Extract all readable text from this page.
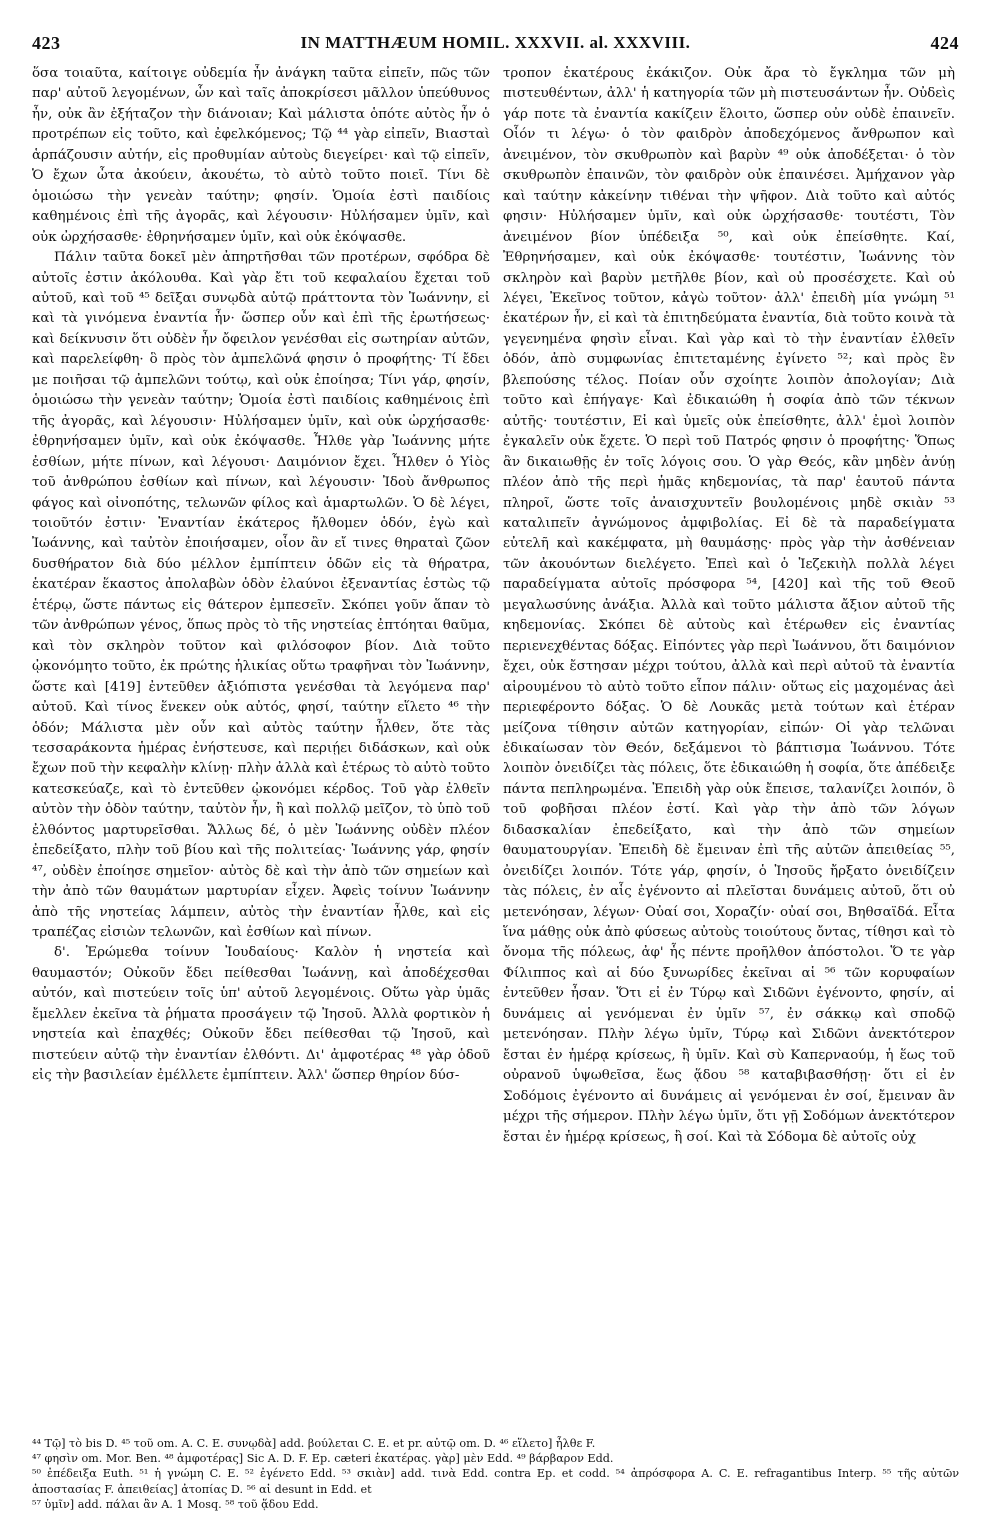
423	IN MATTHÆUM HOMIL. XXXVII. al. XXXVIII.	424

ὅσα τοιαῦτα, καίτοιγε οὐδεμία ἦν ἀνάγκη ταῦτα εἰπεῖν, πῶς τῶν παρ' αὐτοῦ λεγομένων, ὧν καὶ ταῖς ἀποκρίσεσι μᾶλλον ὑπεύθυνος ἦν, οὐκ ἂν ἐξήταζον τὴν διάνοιαν; Καὶ μάλιστα ὁπότε αὐτὸς ἦν ὁ προτρέπων εἰς τοῦτο, καὶ ἐφελκόμενος; Τῷ ⁴⁴ γὰρ εἰπεῖν, Βιασταὶ ἁρπάζουσιν αὐτήν, εἰς προθυμίαν αὐτοὺς διεγείρει· καὶ τῷ εἰπεῖν, Ὁ ἔχων ὦτα ἀκούειν, ἀκουέτω, τὸ αὐτὸ τοῦτο ποιεῖ. Τίνι δὲ ὁμοιώσω τὴν γενεὰν ταύτην; φησίν. Ὁμοία ἐστὶ παιδίοις καθημένοις ἐπὶ τῆς ἀγορᾶς, καὶ λέγουσιν· Ηὐλήσαμεν ὑμῖν, καὶ οὐκ ὠρχήσασθε· ἐθρηνήσαμεν ὑμῖν, καὶ οὐκ ἐκόψασθε.

Πάλιν ταῦτα δοκεῖ μὲν ἀπηρτῆσθαι τῶν προτέρων, σφόδρα δὲ αὐτοῖς ἐστιν ἀκόλουθα. Καὶ γὰρ ἔτι τοῦ κεφαλαίου ἔχεται τοῦ αὐτοῦ, καὶ τοῦ ⁴⁵ δεῖξαι συνῳδὰ αὐτῷ πράττοντα τὸν Ἰωάννην, εἰ καὶ τὰ γινόμενα ἐναντία ἦν· ὥσπερ οὖν καὶ ἐπὶ τῆς ἐρωτήσεως· καὶ δείκνυσιν ὅτι οὐδὲν ἦν ὄφειλον γενέσθαι εἰς σωτηρίαν αὐτῶν, καὶ παρελείφθη· ὃ πρὸς τὸν ἀμπελῶνά φησιν ὁ προφήτης· Τί ἔδει με ποιῆσαι τῷ ἀμπελῶνι τούτῳ, καὶ οὐκ ἐποίησα; Τίνι γάρ, φησίν, ὁμοιώσω τὴν γενεὰν ταύτην; Ὁμοία ἐστὶ παιδίοις καθημένοις ἐπὶ τῆς ἀγορᾶς, καὶ λέγουσιν· Ηὐλήσαμεν ὑμῖν, καὶ οὐκ ὠρχήσασθε· ἐθρηνήσαμεν ὑμῖν, καὶ οὐκ ἐκόψασθε. Ἦλθε γὰρ Ἰωάννης μήτε ἐσθίων, μήτε πίνων, καὶ λέγουσι· Δαιμόνιον ἔχει. Ἦλθεν ὁ Υἱὸς τοῦ ἀνθρώπου ἐσθίων καὶ πίνων, καὶ λέγουσιν· Ἰδοὺ ἄνθρωπος φάγος καὶ οἰνοπότης, τελωνῶν φίλος καὶ ἁμαρτωλῶν. Ὁ δὲ λέγει, τοιοῦτόν ἐστιν· Ἐναντίαν ἑκάτερος ἤλθομεν ὁδόν, ἐγὼ καὶ Ἰωάννης, καὶ ταὐτὸν ἐποιήσαμεν, οἷον ἂν εἴ τινες θηραταὶ ζῶον δυσθήρατον διὰ δύο μέλλον ἐμπίπτειν ὁδῶν εἰς τὰ θήρατρα, ἑκατέραν ἕκαστος ἀπολαβὼν ὁδὸν ἐλαύνοι ἐξεναντίας ἑστὼς τῷ ἑτέρῳ, ὥστε πάντως εἰς θάτερον ἐμπεσεῖν. Σκόπει γοῦν ἅπαν τὸ τῶν ἀνθρώπων γένος, ὅπως πρὸς τὸ τῆς νηστείας ἐπτόηται θαῦμα, καὶ τὸν σκληρὸν τοῦτον καὶ φιλόσοφον βίον. Διὰ τοῦτο ᾠκονόμητο τοῦτο, ἐκ πρώτης ἡλικίας οὕτω τραφῆναι τὸν Ἰωάννην, ὥστε καὶ [419] ἐντεῦθεν ἀξιόπιστα γενέσθαι τὰ λεγόμενα παρ' αὐτοῦ. Καὶ τίνος ἕνεκεν οὐκ αὐτός, φησί, ταύτην εἵλετο ⁴⁶ τὴν ὁδόν; Μάλιστα μὲν οὖν καὶ αὐτὸς ταύτην ἦλθεν, ὅτε τὰς τεσσαράκοντα ἡμέρας ἐνήστευσε, καὶ περιῄει διδάσκων, καὶ οὐκ ἔχων ποῦ τὴν κεφαλὴν κλίνῃ· πλὴν ἀλλὰ καὶ ἑτέρως τὸ αὐτὸ τοῦτο κατεσκεύαζε, καὶ τὸ ἐντεῦθεν ᾠκονόμει κέρδος. Τοῦ γὰρ ἐλθεῖν αὐτὸν τὴν ὁδὸν ταύτην, ταὐτὸν ἦν, ἢ καὶ πολλῷ μεῖζον, τὸ ὑπὸ τοῦ ἐλθόντος μαρτυρεῖσθαι. Ἄλλως δέ, ὁ μὲν Ἰωάννης οὐδὲν πλέον ἐπεδείξατο, πλὴν τοῦ βίου καὶ τῆς πολιτείας· Ἰωάννης γάρ, φησίν ⁴⁷, οὐδὲν ἐποίησε σημεῖον· αὐτὸς δὲ καὶ τὴν ἀπὸ τῶν σημείων καὶ τὴν ἀπὸ τῶν θαυμάτων μαρτυρίαν εἶχεν. Ἀφεὶς τοίνυν Ἰωάννην ἀπὸ τῆς νηστείας λάμπειν, αὐτὸς τὴν ἐναντίαν ἦλθε, καὶ εἰς τραπέζας εἰσιὼν τελωνῶν, καὶ ἐσθίων καὶ πίνων.

δ'. Ἐρώμεθα τοίνυν Ἰουδαίους· Καλὸν ἡ νηστεία καὶ θαυμαστόν; Οὐκοῦν ἔδει πείθεσθαι Ἰωάννῃ, καὶ ἀποδέχεσθαι αὐτόν, καὶ πιστεύειν τοῖς ὑπ' αὐτοῦ λεγομένοις. Οὕτω γὰρ ὑμᾶς ἔμελλεν ἐκεῖνα τὰ ῥήματα προσάγειν τῷ Ἰησοῦ. Ἀλλὰ φορτικὸν ἡ νηστεία καὶ ἐπαχθές; Οὐκοῦν ἔδει πείθεσθαι τῷ Ἰησοῦ, καὶ πιστεύειν αὐτῷ τὴν ἐναντίαν ἐλθόντι. Δι' ἀμφοτέρας ⁴⁸ γὰρ ὁδοῦ εἰς τὴν βασιλείαν ἐμέλλετε ἐμπίπτειν. Ἀλλ' ὥσπερ θηρίον δύσ-

τροπον ἑκατέρους ἐκάκιζον. Οὐκ ἄρα τὸ ἔγκλημα τῶν μὴ πιστευθέντων, ἀλλ' ἡ κατηγορία τῶν μὴ πιστευσάντων ἦν. Οὐδεὶς γάρ ποτε τὰ ἐναντία κακίζειν ἕλοιτο, ὥσπερ οὐν οὐδὲ ἐπαινεῖν. Οἷόν τι λέγω· ὁ τὸν φαιδρὸν ἀποδεχόμενος ἄνθρωπον καὶ ἀνειμένον, τὸν σκυθρωπὸν καὶ βαρὺν ⁴⁹ οὐκ ἀποδέξεται· ὁ τὸν σκυθρωπὸν ἐπαινῶν, τὸν φαιδρὸν οὐκ ἐπαινέσει. Ἀμήχανον γὰρ καὶ ταύτην κἀκείνην τιθέναι τὴν ψῆφον. Διὰ τοῦτο καὶ αὐτός φησιν· Ηὐλήσαμεν ὑμῖν, καὶ οὐκ ὠρχήσασθε· τουτέστι, Τὸν ἀνειμένον βίον ὑπέδειξα ⁵⁰, καὶ οὐκ ἐπείσθητε. Καί, Ἐθρηνήσαμεν, καὶ οὐκ ἐκόψασθε· τουτέστιν, Ἰωάννης τὸν σκληρὸν καὶ βαρὺν μετῆλθε βίον, καὶ οὐ προσέσχετε. Καὶ οὐ λέγει, Ἐκεῖνος τοῦτον, κἀγὼ τοῦτον· ἀλλ' ἐπειδὴ μία γνώμη ⁵¹ ἑκατέρων ἦν, εἰ καὶ τὰ ἐπιτηδεύματα ἐναντία, διὰ τοῦτο κοινὰ τὰ γεγενημένα φησὶν εἶναι. Καὶ γὰρ καὶ τὸ τὴν ἐναντίαν ἐλθεῖν ὁδόν, ἀπὸ συμφωνίας ἐπιτεταμένης ἐγίνετο ⁵²; καὶ πρὸς ἓν βλεπούσης τέλος. Ποίαν οὖν σχοίητε λοιπὸν ἀπολογίαν; Διὰ τοῦτο καὶ ἐπήγαγε· Καὶ ἐδικαιώθη ἡ σοφία ἀπὸ τῶν τέκνων αὐτῆς· τουτέστιν, Εἰ καὶ ὑμεῖς οὐκ ἐπείσθητε, ἀλλ' ἐμοὶ λοιπὸν ἐγκαλεῖν οὐκ ἔχετε. Ὁ περὶ τοῦ Πατρός φησιν ὁ προφήτης· Ὅπως ἂν δικαιωθῇς ἐν τοῖς λόγοις σου. Ὁ γὰρ Θεός, κἂν μηδὲν ἀνύῃ πλέον ἀπὸ τῆς περὶ ἡμᾶς κηδεμονίας, τὰ παρ' ἑαυτοῦ πάντα πληροῖ, ὥστε τοῖς ἀναισχυντεῖν βουλομένοις μηδὲ σκιὰν ⁵³ καταλιπεῖν ἀγνώμονος ἀμφιβολίας. Εἰ δὲ τὰ παραδείγματα εὐτελῆ καὶ κακέμφατα, μὴ θαυμάσῃς· πρὸς γὰρ τὴν ἀσθένειαν τῶν ἀκουόντων διελέγετο. Ἐπεὶ καὶ ὁ Ἰεζεκιὴλ πολλὰ λέγει παραδείγματα αὐτοῖς πρόσφορα ⁵⁴, [420] καὶ τῆς τοῦ Θεοῦ μεγαλωσύνης ἀνάξια. Ἀλλὰ καὶ τοῦτο μάλιστα ἄξιον αὐτοῦ τῆς κηδεμονίας. Σκόπει δὲ αὐτοὺς καὶ ἑτέρωθεν εἰς ἐναντίας περιενεχθέντας δόξας. Εἰπόντες γὰρ περὶ Ἰωάννου, ὅτι δαιμόνιον ἔχει, οὐκ ἔστησαν μέχρι τούτου, ἀλλὰ καὶ περὶ αὐτοῦ τὰ ἐναντία αἱρουμένου τὸ αὐτὸ τοῦτο εἶπον πάλιν· οὕτως εἰς μαχομένας ἀεὶ περιεφέροντο δόξας. Ὁ δὲ Λουκᾶς μετὰ τούτων καὶ ἑτέραν μείζονα τίθησιν αὐτῶν κατηγορίαν, εἰπών· Οἱ γὰρ τελῶναι ἐδικαίωσαν τὸν Θεόν, δεξάμενοι τὸ βάπτισμα Ἰωάννου. Τότε λοιπὸν ὀνειδίζει τὰς πόλεις, ὅτε ἐδικαιώθη ἡ σοφία, ὅτε ἀπέδειξε πάντα πεπληρωμένα. Ἐπειδὴ γὰρ οὐκ ἔπεισε, ταλανίζει λοιπόν, ὃ τοῦ φοβῆσαι πλέον ἐστί. Καὶ γὰρ τὴν ἀπὸ τῶν λόγων διδασκαλίαν ἐπεδείξατο, καὶ τὴν ἀπὸ τῶν σημείων θαυματουργίαν. Ἐπειδὴ δὲ ἔμειναν ἐπὶ τῆς αὐτῶν ἀπειθείας ⁵⁵, ὀνειδίζει λοιπόν. Τότε γάρ, φησίν, ὁ Ἰησοῦς ἤρξατο ὀνειδίζειν τὰς πόλεις, ἐν αἷς ἐγένοντο αἱ πλεῖσται δυνάμεις αὐτοῦ, ὅτι οὐ μετενόησαν, λέγων· Οὐαί σοι, Χοραζίν· οὐαί σοι, Βηθσαϊδά. Εἶτα ἵνα μάθῃς οὐκ ἀπὸ φύσεως αὐτοὺς τοιούτους ὄντας, τίθησι καὶ τὸ ὄνομα τῆς πόλεως, ἀφ' ἧς πέντε προῆλθον ἀπόστολοι. Ὅ τε γὰρ Φίλιππος καὶ αἱ δύο ξυνωρίδες ἐκεῖναι αἱ ⁵⁶ τῶν κορυφαίων ἐντεῦθεν ἦσαν. Ὅτι εἰ ἐν Τύρῳ καὶ Σιδῶνι ἐγένοντο, φησίν, αἱ δυνάμεις αἱ γενόμεναι ἐν ὑμῖν ⁵⁷, ἐν σάκκῳ καὶ σποδῷ μετενόησαν. Πλὴν λέγω ὑμῖν, Τύρῳ καὶ Σιδῶνι ἀνεκτότερον ἔσται ἐν ἡμέρᾳ κρίσεως, ἢ ὑμῖν. Καὶ σὺ Καπερναούμ, ἡ ἕως τοῦ οὐρανοῦ ὑψωθεῖσα, ἕως ᾅδου ⁵⁸ καταβιβασθήσῃ· ὅτι εἰ ἐν Σοδόμοις ἐγένοντο αἱ δυνάμεις αἱ γενόμεναι ἐν σοί, ἔμειναν ἂν μέχρι τῆς σήμερον. Πλὴν λέγω ὑμῖν, ὅτι γῇ Σοδόμων ἀνεκτότερον ἔσται ἐν ἡμέρᾳ κρίσεως, ἢ σοί. Καὶ τὰ Σόδομα δὲ αὐτοῖς οὐχ

⁴⁴ Τῷ] τὸ bis D. ⁴⁵ τοῦ om. A. C. E. συνῳδὰ] add. βούλεται C. E. et pr. αὐτῷ om. D. ⁴⁶ εἵλετο] ἦλθε F.

⁴⁷ φησὶν om. Mor. Ben. ⁴⁸ ἀμφοτέρας] Sic A. D. F. Ep. cæteri ἑκατέρας. γὰρ] μὲν Edd. ⁴⁹ βάρβαρον Edd.

⁵⁰ ἐπέδειξα Euth. ⁵¹ ἡ γνώμη C. E. ⁵² ἐγένετο Edd. ⁵³ σκιὰν] add. τινὰ Edd. contra Ep. et codd. ⁵⁴ ἀπρόσφορα A. C. E. refragantibus Interp. ⁵⁵ τῆς αὐτῶν ἀποστασίας F. ἀπειθείας] ἀτοπίας D. ⁵⁶ αἱ desunt in Edd. et

⁵⁷ ὑμῖν] add. πάλαι ἂν A. 1 Mosq. ⁵⁸ τοῦ ᾅδου Edd.
